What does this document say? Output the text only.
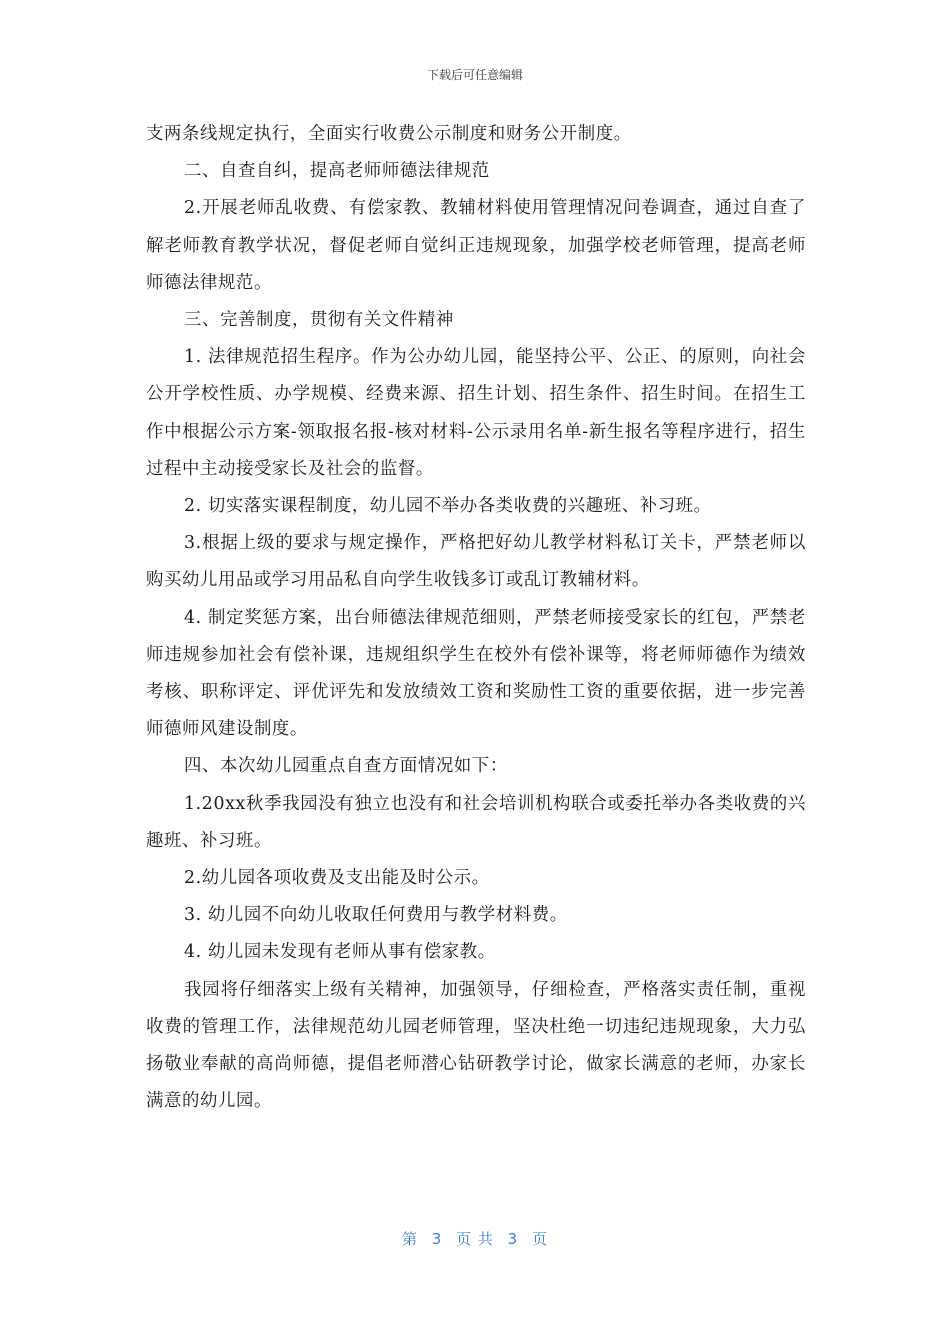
下载后可任意编辑

支两条线规定执行，全面实行收费公示制度和财务公开制度。

二、自查自纠，提高老师师德法律规范

2.开展老师乱收费、有偿家教、教辅材料使用管理情况问卷调查，通过自查了解老师教育教学状况，督促老师自觉纠正违规现象，加强学校老师管理，提高老师师德法律规范。

三、完善制度，贯彻有关文件精神

1. 法律规范招生程序。作为公办幼儿园，能坚持公平、公正、的原则，向社会公开学校性质、办学规模、经费来源、招生计划、招生条件、招生时间。在招生工作中根据公示方案-领取报名报-核对材料-公示录用名单-新生报名等程序进行，招生过程中主动接受家长及社会的监督。

2. 切实落实课程制度，幼儿园不举办各类收费的兴趣班、补习班。

3.根据上级的要求与规定操作，严格把好幼儿教学材料私订关卡，严禁老师以购买幼儿用品或学习用品私自向学生收钱多订或乱订教辅材料。

4. 制定奖惩方案，出台师德法律规范细则，严禁老师接受家长的红包，严禁老师违规参加社会有偿补课，违规组织学生在校外有偿补课等，将老师师德作为绩效考核、职称评定、评优评先和发放绩效工资和奖励性工资的重要依据，进一步完善师德师风建设制度。

四、本次幼儿园重点自查方面情况如下：

1.20xx秋季我园没有独立也没有和社会培训机构联合或委托举办各类收费的兴趣班、补习班。

2.幼儿园各项收费及支出能及时公示。

3. 幼儿园不向幼儿收取任何费用与教学材料费。

4. 幼儿园未发现有老师从事有偿家教。

我园将仔细落实上级有关精神，加强领导，仔细检查，严格落实责任制，重视收费的管理工作，法律规范幼儿园老师管理，坚决杜绝一切违纪违规现象，大力弘扬敬业奉献的高尚师德，提倡老师潜心钻研教学讨论，做家长满意的老师，办家长满意的幼儿园。

第 3 页 共 3 页
